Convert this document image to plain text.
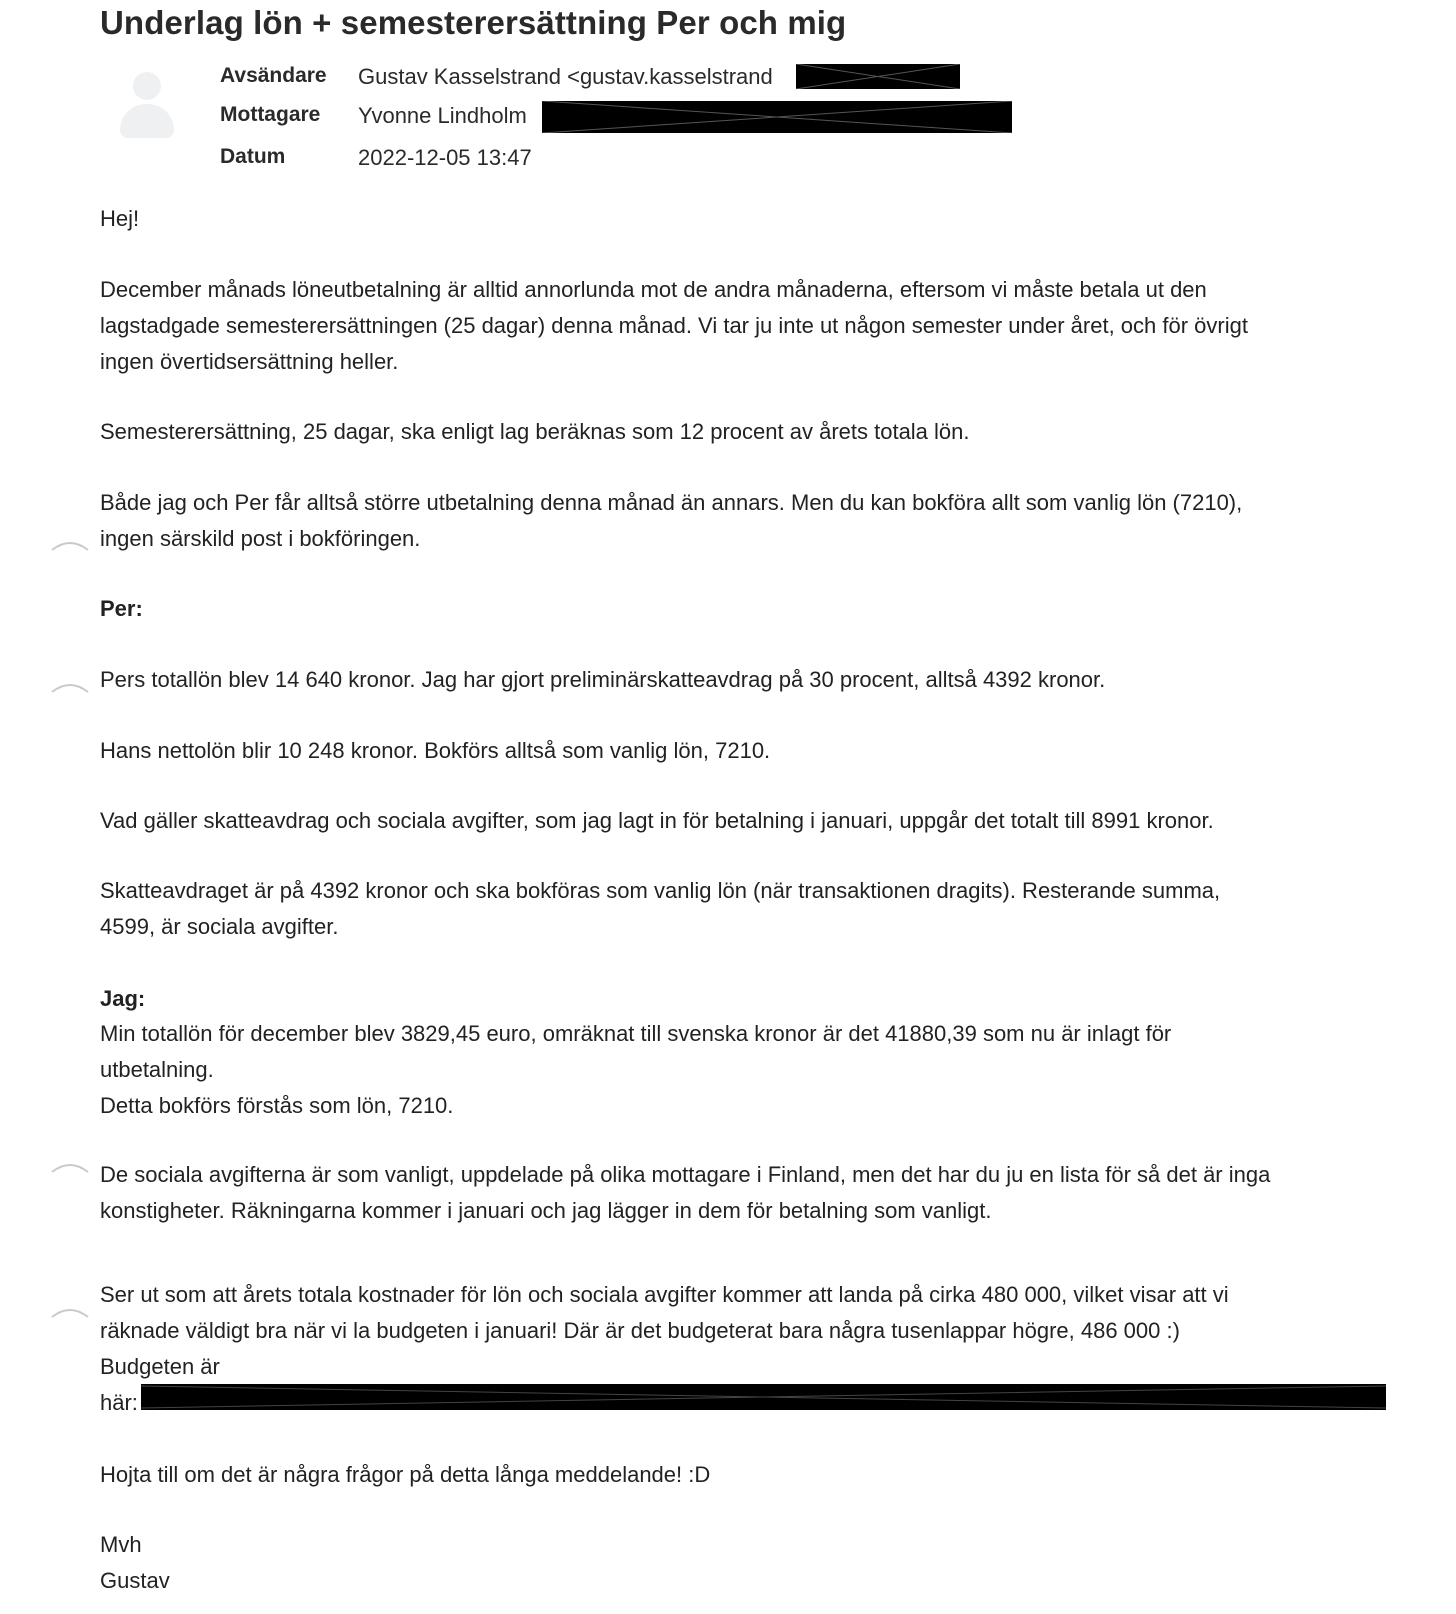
Underlag lön + semesterersättning Per och mig
Avsändare Gustav Kasselstrand <gustav.kasselstrand
Mottagare Yvonne Lindholm
Datum	2022-12-05 13:47
Hej!

December månads löneutbetalning är alltid annorlunda mot de andra månaderna, eftersom vi måste betala ut den

lagstadgade semesterersättningen (25 dagar) denna månad. Vi tar ju inte ut någon semester under året, och för övrigt

ingen övertidsersättning heller.

Semesterersättning, 25 dagar, ska enligt lag beräknas som 12 procent av årets totala lön.

Både jag och Per får alltså större utbetalning denna månad än annars. Men du kan bokföra allt som vanlig lön (7210),

ingen särskild post i bokföringen.

Per:
Pers totallön blev 14 640 kronor. Jag har gjort preliminärskatteavdrag på 30 procent, alltså 4392 kronor.
Hans nettolön blir 10 248 kronor. Bokförs alltså som vanlig lön, 7210.
Vad gäller skatteavdrag och sociala avgifter, som jag lagt in för betalning i januari, uppgår det totalt till 8991 kronor.

Skatteavdraget är på 4392 kronor och ska bokföras som vanlig lön (när transaktionen dragits). Resterande summa,

4599, är sociala avgifter.

Jag:

Min totallön för december blev 3829,45 euro, omräknat till svenska kronor är det 41880,39 som nu är inlagt för

utbetalning.

Detta bokförs förstås som lön, 7210.

De sociala avgifterna är som vanligt, uppdelade på olika mottagare i Finland, men det har du ju en lista för så det är inga

konstigheter. Räkningarna kommer i januari och jag lägger in dem för betalning som vanligt.

Ser ut som att årets totala kostnader för lön och sociala avgifter kommer att landa på cirka 480 000, vilket visar att vi

räknade väldigt bra när vi la budgeten i januari! Där är det budgeterat bara några tusenlappar högre, 486 000 :)

Budgeten är

här:

Hojta till om det är några frågor på detta långa meddelande! :D

Mvh

Gustav
